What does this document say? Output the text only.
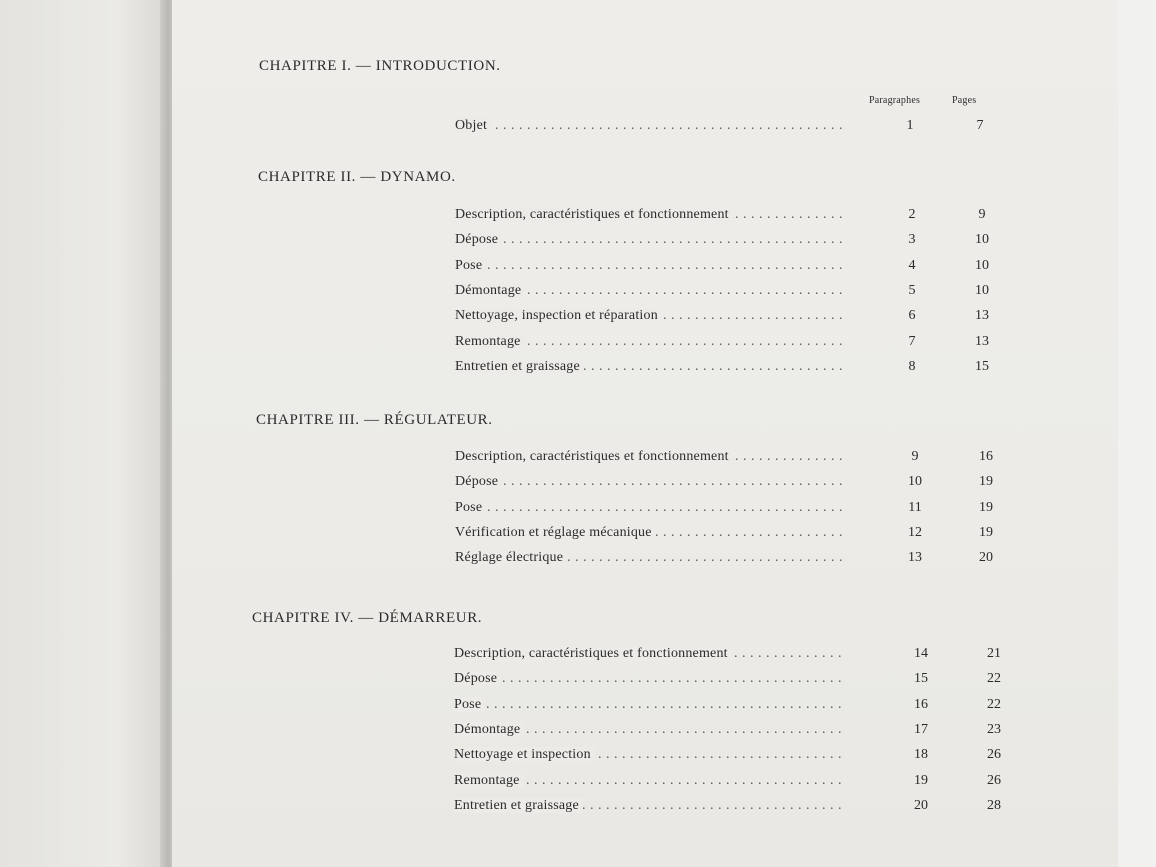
Paragraphes	Pages
CHAPITRE I. — INTRODUCTION.
Objet . . .	1	7
CHAPITRE II. — DYNAMO.
Description, caractéristiques et fonctionnement . . .	2	9
Dépose . . .	3	10
Pose . . .	4	10
Démontage . . .	5	10
Nettoyage, inspection et réparation . . .	6	13
Remontage . . .	7	13
Entretien et graissage . . .	8	15
CHAPITRE III. — RÉGULATEUR.
Description, caractéristiques et fonctionnement . . .	9	16
Dépose . . .	10	19
Pose . . .	11	19
Vérification et réglage mécanique . . .	12	19
Réglage électrique . . .	13	20
CHAPITRE IV. — DÉMARREUR.
Description, caractéristiques et fonctionnement . . .	14	21
Dépose . . .	15	22
Pose . . .	16	22
Démontage . . .	17	23
Nettoyage et inspection . . .	18	26
Remontage . . .	19	26
Entretien et graissage . . .	20	28
